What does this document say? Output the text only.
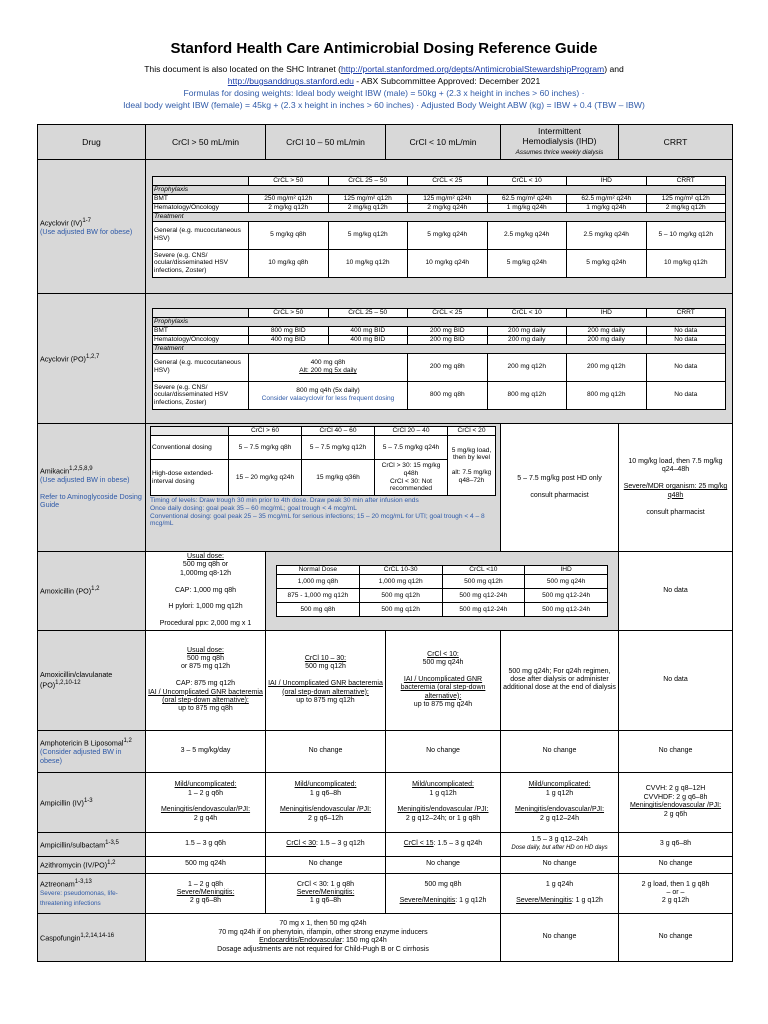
Stanford Health Care Antimicrobial Dosing Reference Guide
This document is also located on the SHC Intranet (http://portal.stanfordmed.org/depts/AntimicrobialStewardshipProgram) and
http://bugsanddrugs.stanford.edu - ABX Subcommittee Approved: December 2021
Formulas for dosing weights: Ideal body weight IBW (male) = 50kg + (2.3 x height in inches > 60 inches) ·
Ideal body weight IBW (female) = 45kg + (2.3 x height in inches > 60 inches) · Adjusted Body Weight ABW (kg) = IBW + 0.4 (TBW – IBW)
Drug	CrCl > 50 mL/min	CrCl 10 – 50 mL/min	CrCl < 10 mL/min	Intermittent
Hemodialysis (IHD)
Assumes thrice weekly dialysis	CRRT
Acyclovir (IV)$^{1-7}$
(Use adjusted BW for obese)	
	CrCL > 50	CrCL 25 – 50	CrCL < 25	CrCL < 10	IHD	CRRT
Prophylaxis
BMT	250 mg/m² q12h	125 mg/m² q12h	125 mg/m² q24h	62.5 mg/m² q24h	62.5 mg/m² q24h	125 mg/m² q12h
Hematology/Oncology	2 mg/kg q12h	2 mg/kg q12h	2 mg/kg q24h	1 mg/kg q24h	1 mg/kg q24h	2 mg/kg q12h
Treatment
General (e.g. mucocutaneous HSV)	5 mg/kg q8h	5 mg/kg q12h	5 mg/kg q24h	2.5 mg/kg q24h	2.5 mg/kg q24h	5 – 10 mg/kg q12h
Severe (e.g. CNS/ ocular/disseminated HSV infections, Zoster)	10 mg/kg q8h	10 mg/kg q12h	10 mg/kg q24h	5 mg/kg q24h	5 mg/kg q24h	10 mg/kg q12h

Acyclovir (PO)$^{1,2,7}$	
	CrCL > 50	CrCL 25 – 50	CrCL < 25	CrCL < 10	IHD	CRRT
Prophylaxis
BMT	800 mg BID	400 mg BID	200 mg BID	200 mg daily	200 mg daily	No data
Hematology/Oncology	400 mg BID	400 mg BID	200 mg BID	200 mg daily	200 mg daily	No data
Treatment
General (e.g. mucocutaneous HSV)	400 mg q8h
Alt: 200 mg 5x daily	200 mg q8h	200 mg q12h	200 mg q12h	No data
Severe (e.g. CNS/ ocular/disseminated HSV infections, Zoster)	800 mg q4h (5x daily)
Consider valacyclovir for less frequent dosing	800 mg q8h	800 mg q12h	800 mg q12h	No data

Amikacin$^{1,2,5,8,9}$
(Use adjusted BW in obese)

Refer to Aminoglycoside Dosing Guide	
	CrCl > 60	CrCl 40 – 60	CrCl 20 – 40	CrCl < 20
Conventional dosing	5 – 7.5 mg/kg q8h	5 – 7.5 mg/kg q12h	5 – 7.5 mg/kg q24h	5 mg/kg load, then by level

alt: 7.5 mg/kg q48–72h
High-dose extended-interval dosing	15 – 20 mg/kg q24h	15 mg/kg q36h	CrCl > 30: 15 mg/kg q48h
CrCl < 30: Not recommended
Timing of levels: Draw trough 30 min prior to 4th dose. Draw peak 30 min after infusion ends
Once daily dosing: goal peak 35 – 60 mcg/mL; goal trough < 4 mcg/mL
Conventional dosing: goal peak 25 – 35 mcg/mL for serious infections; 15 – 20 mcg/mL for UTI; goal trough < 4 – 8 mcg/mL
	5 – 7.5 mg/kg post HD only

consult pharmacist	10 mg/kg load, then 7.5 mg/kg q24–48h

Severe/MDR organism: 25 mg/kg q48h

consult pharmacist
Amoxicillin (PO)$^{1,2}$	Usual dose:
500 mg q8h or
1,000mg q8-12h

CAP: 1,000 mg q8h

H pylori: 1,000 mg q12h

Procedural ppx: 2,000 mg x 1	
Normal Dose	CrCL 10-30	CrCL <10	IHD
1,000 mg q8h	1,000 mg q12h	500 mg q12h	500 mg q24h
875 - 1,000 mg q12h	500 mg q12h	500 mg q12-24h	500 mg q12-24h
500 mg q8h	500 mg q12h	500 mg q12-24h	500 mg q12-24h
	No data
Amoxicillin/clavulanate (PO)$^{1,2,10-12}$	Usual dose:
500 mg q8h
or 875 mg q12h

CAP: 875 mg q12h
IAI / Uncomplicated GNR bacteremia (oral step-down alternative):
up to 875 mg q8h	CrCl 10 – 30:
500 mg q12h

IAI / Uncomplicated GNR bacteremia (oral step-down alternative):
up to 875 mg q12h	CrCl < 10:
500 mg q24h

IAI / Uncomplicated GNR bacteremia (oral step-down alternative):
up to 875 mg q24h	500 mg q24h; For q24h regimen, dose after dialysis or administer additional dose at the end of dialysis	No data
Amphotericin B Liposomal$^{1,2}$
(Consider adjusted BW in obese)	3 – 5 mg/kg/day	No change	No change	No change	No change
Ampicillin (IV)$^{1-3}$	Mild/uncomplicated:
1 – 2 g q6h

Meningitis/endovascular/PJI:
2 g q4h	Mild/uncomplicated:
1 g q6–8h

Meningitis/endovascular /PJI:
2 g q6–12h	Mild/uncomplicated:
1 g q12h

Meningitis/endovascular /PJI:
2 g q12–24h; or 1 g q8h	Mild/uncomplicated:
1 g q12h

Meningitis/endovascular/PJI:
2 g q12–24h	CVVH: 2 g q8–12H
CVVHDF: 2 g q6–8h
Meningitis/endovascular /PJI:
2 g q6h
Ampicillin/sulbactam$^{1-3,5}$	1.5 – 3 g q6h	CrCl < 30: 1.5 – 3 g q12h	CrCl < 15: 1.5 – 3 g q24h	1.5 – 3 g q12–24h
Dose daily, but after HD on HD days	3 g q6–8h
Azithromycin $(IV/PO)^{1,2}$	500 mg q24h	No change	No change	No change	No change
Aztreonam$^{1-3,13}$
Severe: pseudomonas, life-threatening infections	1 – 2 g q8h
Severe/Meningitis:
2 g q6–8h	CrCl < 30: 1 g q8h
Severe/Meningitis:
1 g q6–8h	500 mg q8h

Severe/Meningitis: 1 g q12h	1 g q24h

Severe/Meningitis: 1 g q12h	2 g load, then 1 g q8h
– or –
2 g q12h
Caspofungin$^{1,2,14,14-16}$	70 mg x 1, then 50 mg q24h
70 mg q24h if on phenytoin, rifampin, other strong enzyme inducers
Endocarditis/Endovascular: 150 mg q24h
Dosage adjustments are not required for Child-Pugh B or C cirrhosis	No change	No change
